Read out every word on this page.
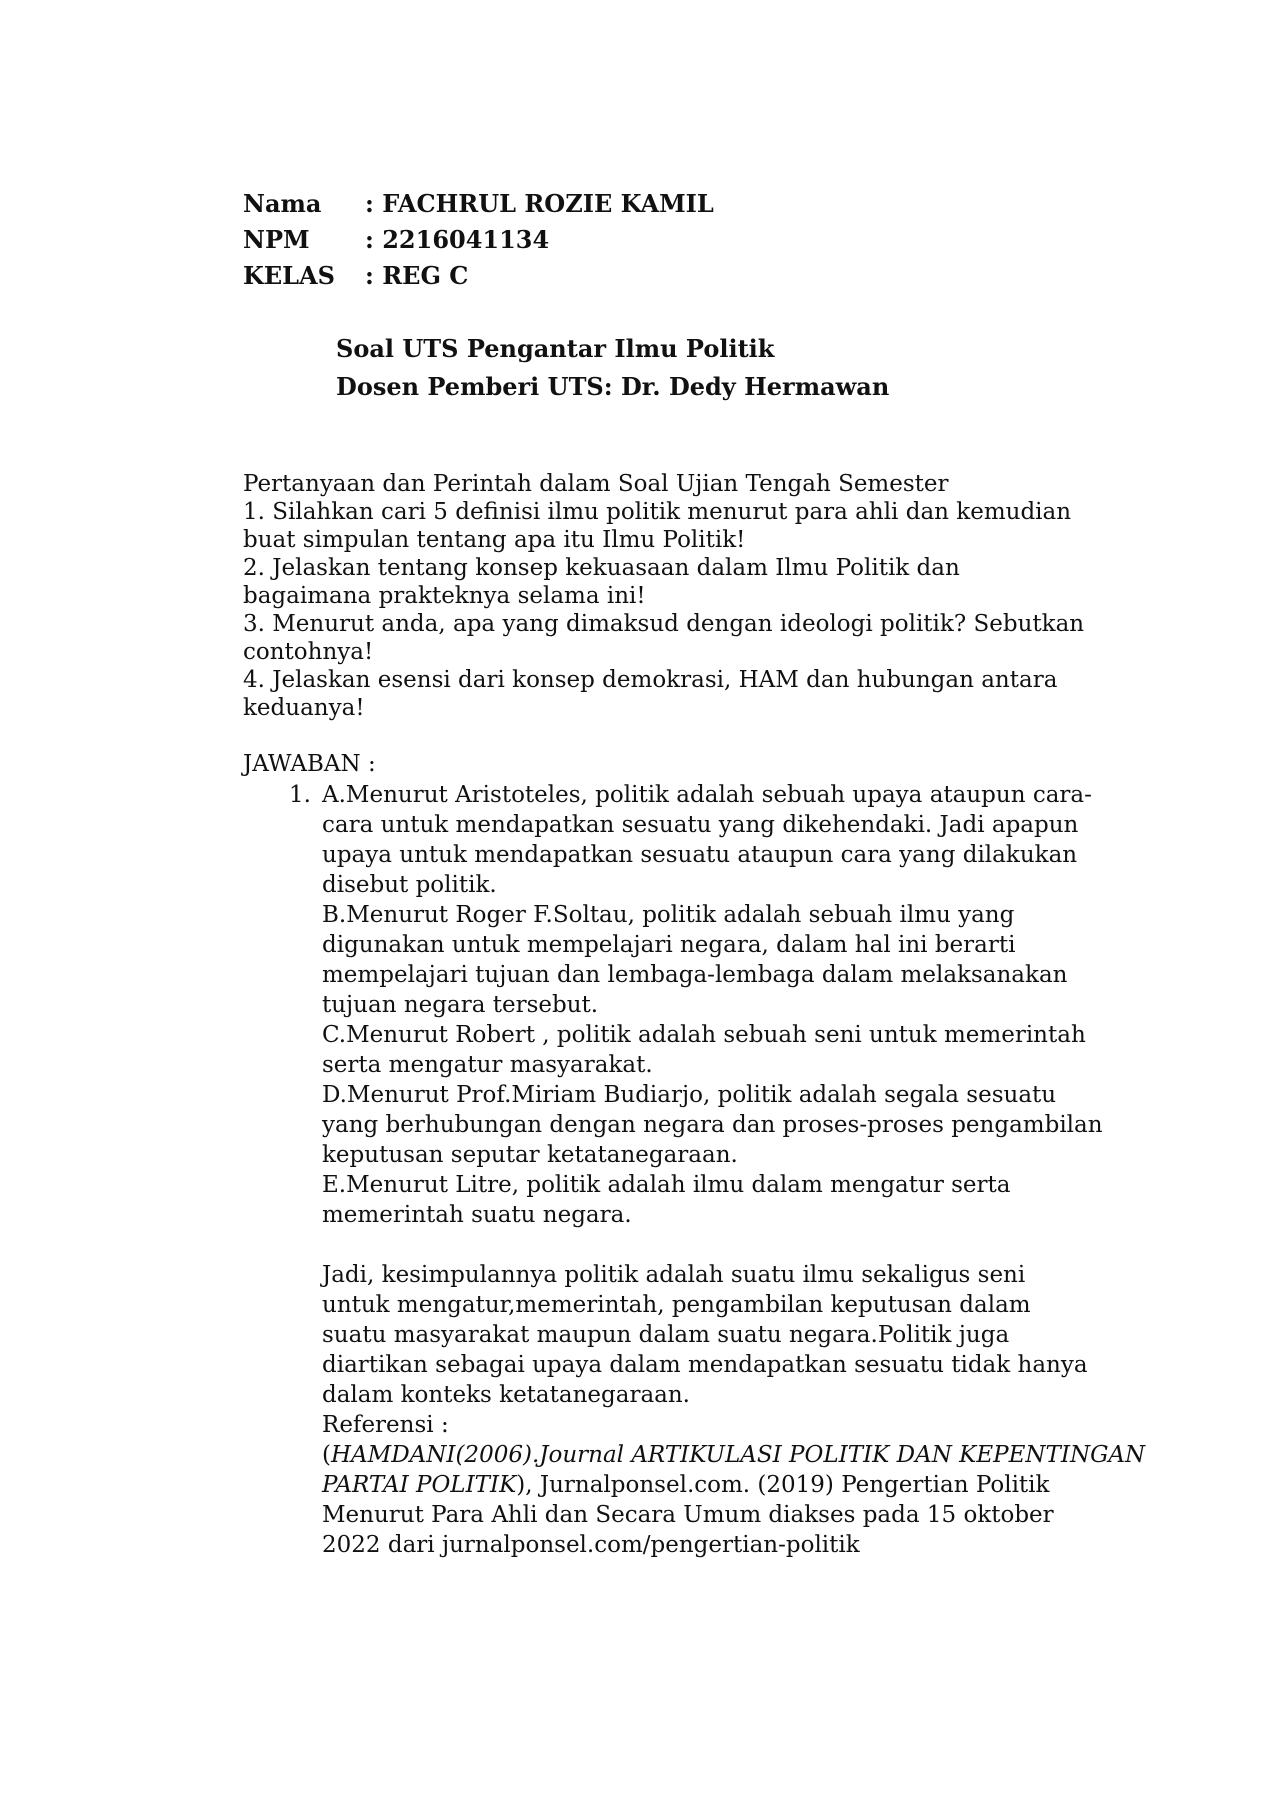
Nama : FACHRUL ROZIE KAMIL
NPM : 2216041134
KELAS : REG C
Soal UTS Pengantar Ilmu Politik
Dosen Pemberi UTS: Dr. Dedy Hermawan
Pertanyaan dan Perintah dalam Soal Ujian Tengah Semester
1. Silahkan cari 5 definisi ilmu politik menurut para ahli dan kemudian
buat simpulan tentang apa itu Ilmu Politik!
2. Jelaskan tentang konsep kekuasaan dalam Ilmu Politik dan
bagaimana prakteknya selama ini!
3. Menurut anda, apa yang dimaksud dengan ideologi politik? Sebutkan
contohnya!
4. Jelaskan esensi dari konsep demokrasi, HAM dan hubungan antara
keduanya!
JAWABAN :
1. A.Menurut Aristoteles, politik adalah sebuah upaya ataupun cara-
cara untuk mendapatkan sesuatu yang dikehendaki. Jadi apapun
upaya untuk mendapatkan sesuatu ataupun cara yang dilakukan
disebut politik.
B.Menurut Roger F.Soltau, politik adalah sebuah ilmu yang
digunakan untuk mempelajari negara, dalam hal ini berarti
mempelajari tujuan dan lembaga-lembaga dalam melaksanakan
tujuan negara tersebut.
C.Menurut Robert , politik adalah sebuah seni untuk memerintah
serta mengatur masyarakat.
D.Menurut Prof.Miriam Budiarjo, politik adalah segala sesuatu
yang berhubungan dengan negara dan proses-proses pengambilan
keputusan seputar ketatanegaraan.
E.Menurut Litre, politik adalah ilmu dalam mengatur serta
memerintah suatu negara.
Jadi, kesimpulannya politik adalah suatu ilmu sekaligus seni
untuk mengatur,memerintah, pengambilan keputusan dalam
suatu masyarakat maupun dalam suatu negara.Politik juga
diartikan sebagai upaya dalam mendapatkan sesuatu tidak hanya
dalam konteks ketatanegaraan.
Referensi :
(HAMDANI(2006).Journal ARTIKULASI POLITIK DAN KEPENTINGAN
PARTAI POLITIK), Jurnalponsel.com. (2019) Pengertian Politik
Menurut Para Ahli dan Secara Umum diakses pada 15 oktober
2022 dari jurnalponsel.com/pengertian-politik
